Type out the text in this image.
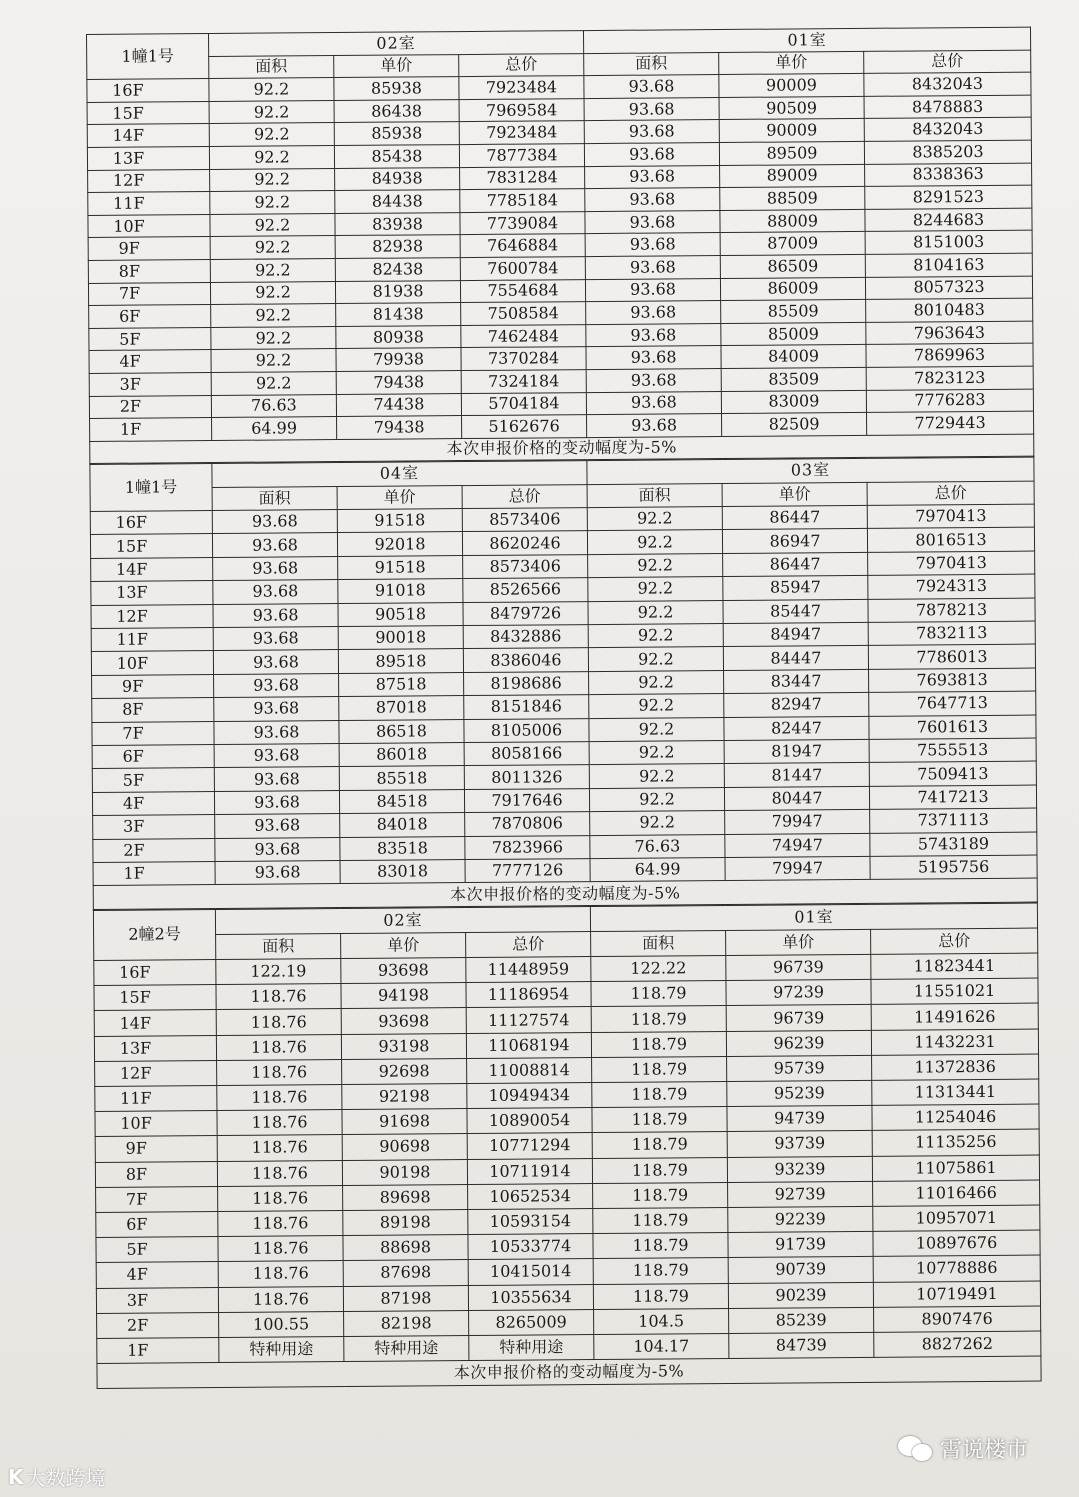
1幢1号	02室			01室		
	面积	单价	总价	面积	单价	总价
16F	92.2	85938	7923484	93.68	90009	8432043
15F	92.2	86438	7969584	93.68	90509	8478883
14F	92.2	85938	7923484	93.68	90009	8432043
13F	92.2	85438	7877384	93.68	89509	8385203
12F	92.2	84938	7831284	93.68	89009	8338363
11F	92.2	84438	7785184	93.68	88509	8291523
10F	92.2	83938	7739084	93.68	88009	8244683
9F	92.2	82938	7646884	93.68	87009	8151003
8F	92.2	82438	7600784	93.68	86509	8104163
7F	92.2	81938	7554684	93.68	86009	8057323
6F	92.2	81438	7508584	93.68	85509	8010483
5F	92.2	80938	7462484	93.68	85009	7963643
4F	92.2	79938	7370284	93.68	84009	7869963
3F	92.2	79438	7324184	93.68	83509	7823123
2F	76.63	74438	5704184	93.68	83009	7776283
1F	64.99	79438	5162676	93.68	82509	7729443
本次申报价格的变动幅度为-5%						
1幢1号	04室			03室		
	面积	单价	总价	面积	单价	总价
16F	93.68	91518	8573406	92.2	86447	7970413
15F	93.68	92018	8620246	92.2	86947	8016513
14F	93.68	91518	8573406	92.2	86447	7970413
13F	93.68	91018	8526566	92.2	85947	7924313
12F	93.68	90518	8479726	92.2	85447	7878213
11F	93.68	90018	8432886	92.2	84947	7832113
10F	93.68	89518	8386046	92.2	84447	7786013
9F	93.68	87518	8198686	92.2	83447	7693813
8F	93.68	87018	8151846	92.2	82947	7647713
7F	93.68	86518	8105006	92.2	82447	7601613
6F	93.68	86018	8058166	92.2	81947	7555513
5F	93.68	85518	8011326	92.2	81447	7509413
4F	93.68	84518	7917646	92.2	80447	7417213
3F	93.68	84018	7870806	92.2	79947	7371113
2F	93.68	83518	7823966	76.63	74947	5743189
1F	93.68	83018	7777126	64.99	79947	5195756
本次申报价格的变动幅度为-5%						
2幢2号	02室			01室		
	面积	单价	总价	面积	单价	总价
16F	122.19	93698	11448959	122.22	96739	11823441
15F	118.76	94198	11186954	118.79	97239	11551021
14F	118.76	93698	11127574	118.79	96739	11491626
13F	118.76	93198	11068194	118.79	96239	11432231
12F	118.76	92698	11008814	118.79	95739	11372836
11F	118.76	92198	10949434	118.79	95239	11313441
10F	118.76	91698	10890054	118.79	94739	11254046
9F	118.76	90698	10771294	118.79	93739	11135256
8F	118.76	90198	10711914	118.79	93239	11075861
7F	118.76	89698	10652534	118.79	92739	11016466
6F	118.76	89198	10593154	118.79	92239	10957071
5F	118.76	88698	10533774	118.79	91739	10897676
4F	118.76	87698	10415014	118.79	90739	10778886
3F	118.76	87198	10355634	118.79	90239	10719491
2F	100.55	82198	8265009	104.5	85239	8907476
1F	特种用途	特种用途	特种用途	104.17	84739	8827262
本次申报价格的变动幅度为-5%						
K 大数跨境
霄说楼市
